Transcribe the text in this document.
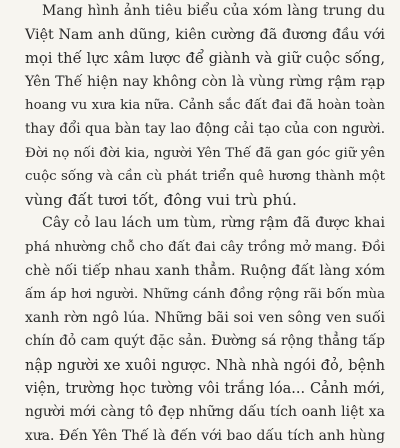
Mang hình ảnh tiêu biểu của xóm làng trung du
Việt Nam anh dũng, kiên cường đã đương đầu với
mọi thế lực xâm lược để giành và giữ cuộc sống,
Yên Thế hiện nay không còn là vùng rừng rậm rạp
hoang vu xưa kia nữa. Cảnh sắc đất đai đã hoàn toàn
thay đổi qua bàn tay lao động cải tạo của con người.
Đời nọ nối đời kia, người Yên Thế đã gan góc giữ yên
cuộc sống và cần cù phát triển quê hương thành một
vùng đất tươi tốt, đông vui trù phú.

Cây cỏ lau lách um tùm, rừng rậm đã được khai
phá nhường chỗ cho đất đai cây trồng mở mang. Đồi
chè nối tiếp nhau xanh thẳm. Ruộng đất làng xóm
ấm áp hơi người. Những cánh đồng rộng rãi bốn mùa
xanh rờn ngô lúa. Những bãi soi ven sông ven suối
chín đỏ cam quýt đặc sản. Đường sá rộng thẳng tấp
nập người xe xuôi ngược. Nhà nhà ngói đỏ, bệnh
viện, trường học tường vôi trắng lóa... Cảnh mới,
người mới càng tô đẹp những dấu tích oanh liệt xa
xưa. Đến Yên Thế là đến với bao dấu tích anh hùng
